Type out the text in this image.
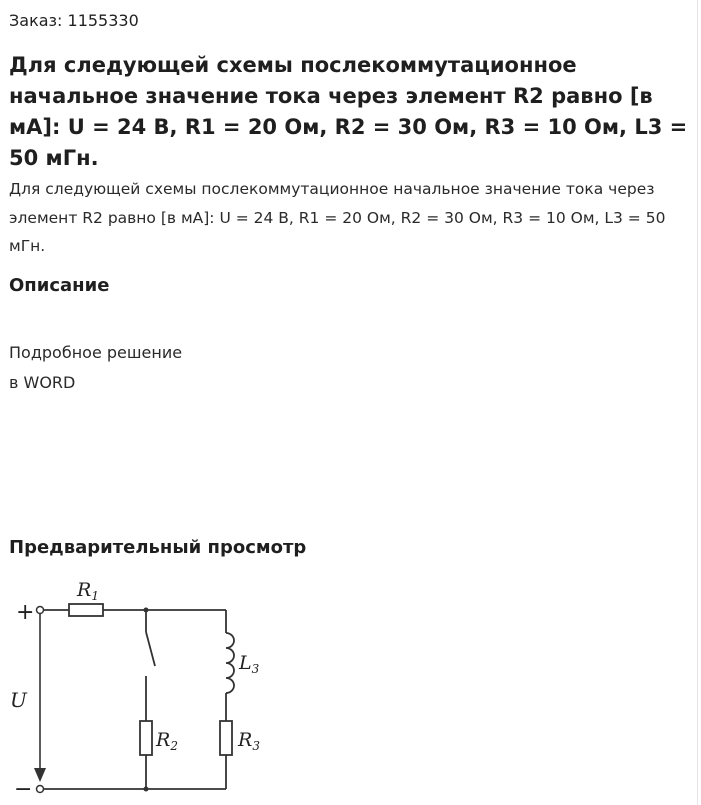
Заказ: 1155330
Для следующей схемы послекоммутационное начальное значение тока через элемент R2 равно [в мА]: U = 24 В, R1 = 20 Ом, R2 = 30 Ом, R3 = 10 Ом, L3 = 50 мГн.

Для следующей схемы послекоммутационное начальное значение тока через элемент R2 равно [в мА]: U = 24 В, R1 = 20 Ом, R2 = 30 Ом, R3 = 10 Ом, L3 = 50 мГн.

Описание
Подробное решение
в WORD
Предварительный просмотр
+
−
U
$R_1$
$R_2$	$R_3$
$L_3$
